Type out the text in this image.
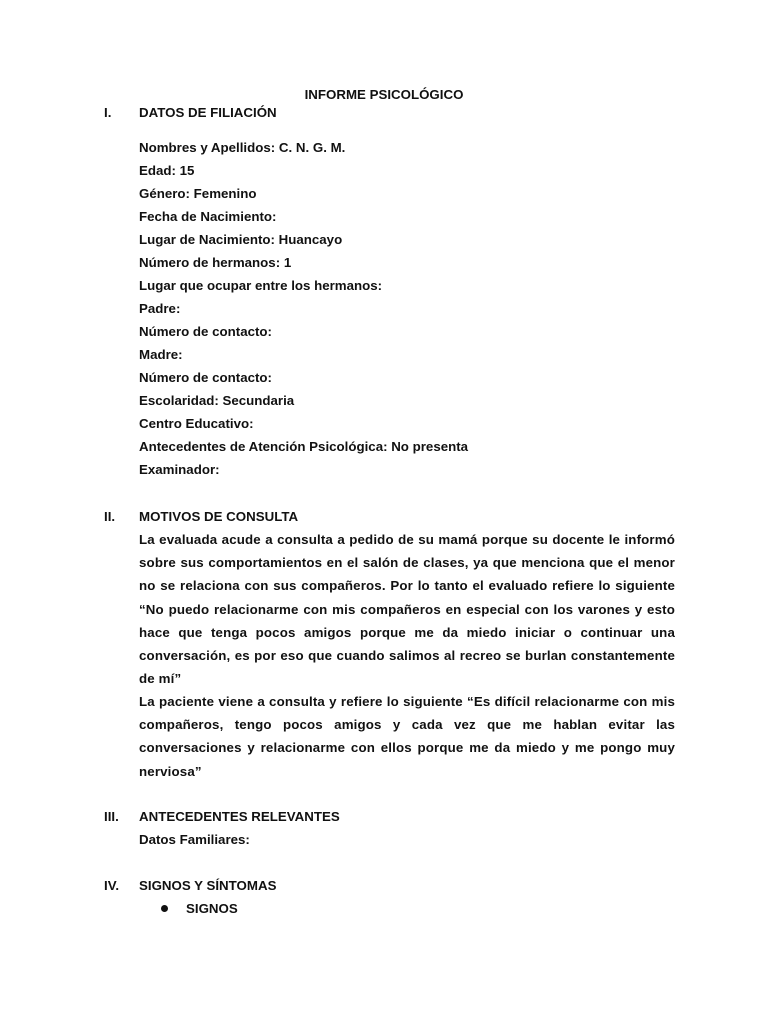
INFORME PSICOLÓGICO
I. DATOS DE FILIACIÓN
Nombres y Apellidos: C. N. G. M.
Edad: 15
Género: Femenino
Fecha de Nacimiento:
Lugar de Nacimiento: Huancayo
Número de hermanos: 1
Lugar que ocupar entre los hermanos:
Padre:
Número de contacto:
Madre:
Número de contacto:
Escolaridad: Secundaria
Centro Educativo:
Antecedentes de Atención Psicológica: No presenta
Examinador:
II. MOTIVOS DE CONSULTA
La evaluada acude a consulta a pedido de su mamá porque su docente le informó sobre sus comportamientos en el salón de clases, ya que menciona que el menor no se relaciona con sus compañeros. Por lo tanto el evaluado refiere lo siguiente “No puedo relacionarme con mis compañeros en especial con los varones y esto hace que tenga pocos amigos porque me da miedo iniciar o continuar una conversación, es por eso que cuando salimos al recreo se burlan constantemente de mí”
La paciente viene a consulta y refiere lo siguiente “Es difícil relacionarme con mis compañeros, tengo pocos amigos y cada vez que me hablan evitar las conversaciones y relacionarme con ellos porque me da miedo y me pongo muy nerviosa”
III. ANTECEDENTES RELEVANTES
Datos Familiares:
IV. SIGNOS Y SÍNTOMAS
SIGNOS
